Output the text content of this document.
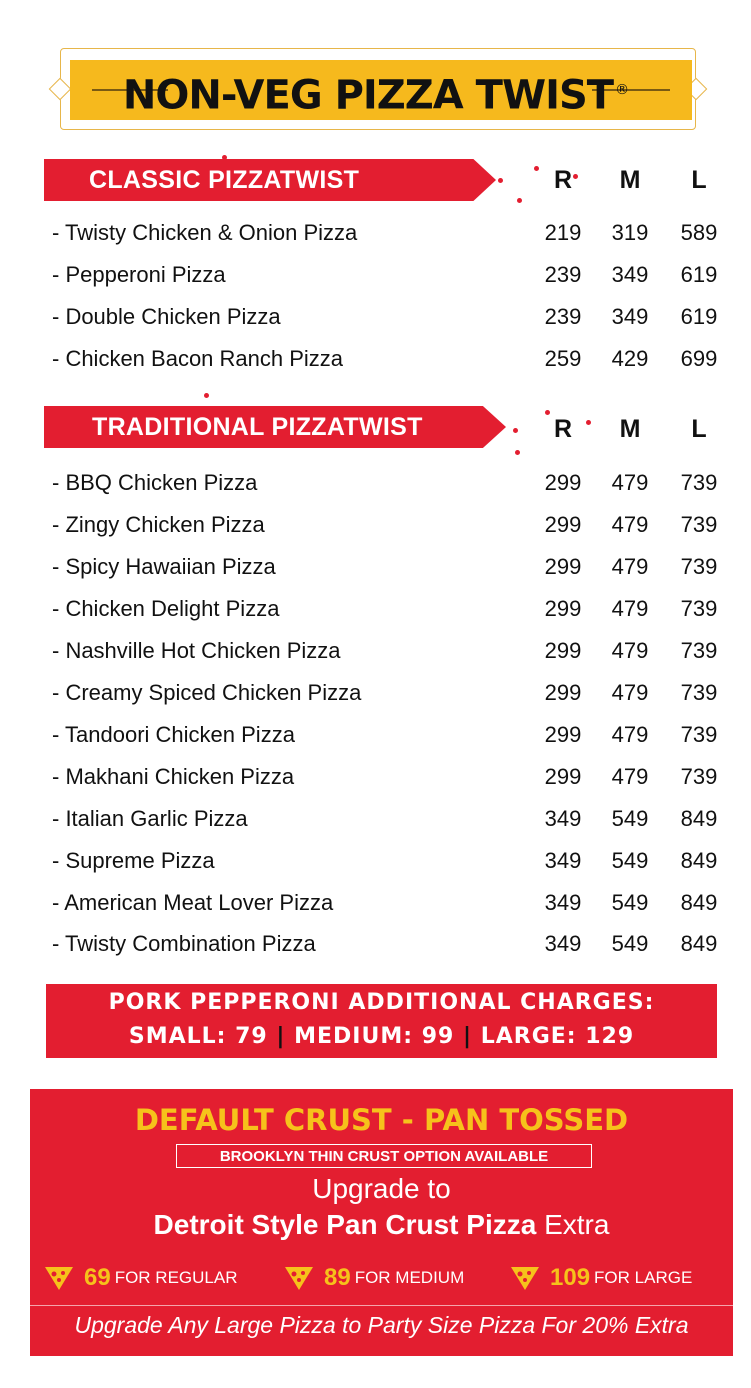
NON-VEG PIZZA TWIST ®
CLASSIC PIZZATWIST	R	M	L
- Twisty Chicken & Onion Pizza	219	319	589
- Pepperoni Pizza	239	349	619
- Double Chicken Pizza	239	349	619
- Chicken Bacon Ranch Pizza	259	429	699
TRADITIONAL PIZZATWIST	R	M	L
- BBQ Chicken Pizza	299	479	739
- Zingy Chicken Pizza	299	479	739
- Spicy Hawaiian Pizza	299	479	739
- Chicken Delight Pizza	299	479	739
- Nashville Hot Chicken Pizza	299	479	739
- Creamy Spiced Chicken Pizza	299	479	739
- Tandoori Chicken Pizza	299	479	739
- Makhani Chicken Pizza	299	479	739
- Italian Garlic Pizza	349	549	849
- Supreme Pizza	349	549	849
- American Meat Lover Pizza	349	549	849
- Twisty Combination Pizza	349	549	849
PORK PEPPERONI ADDITIONAL CHARGES:
SMALL: 79 | MEDIUM: 99 | LARGE: 129
DEFAULT CRUST - PAN TOSSED
BROOKLYN THIN CRUST OPTION AVAILABLE
Upgrade to
Detroit Style Pan Crust Pizza Extra
69 FOR REGULAR	89 FOR MEDIUM	109 FOR LARGE
Upgrade Any Large Pizza to Party Size Pizza For 20% Extra
